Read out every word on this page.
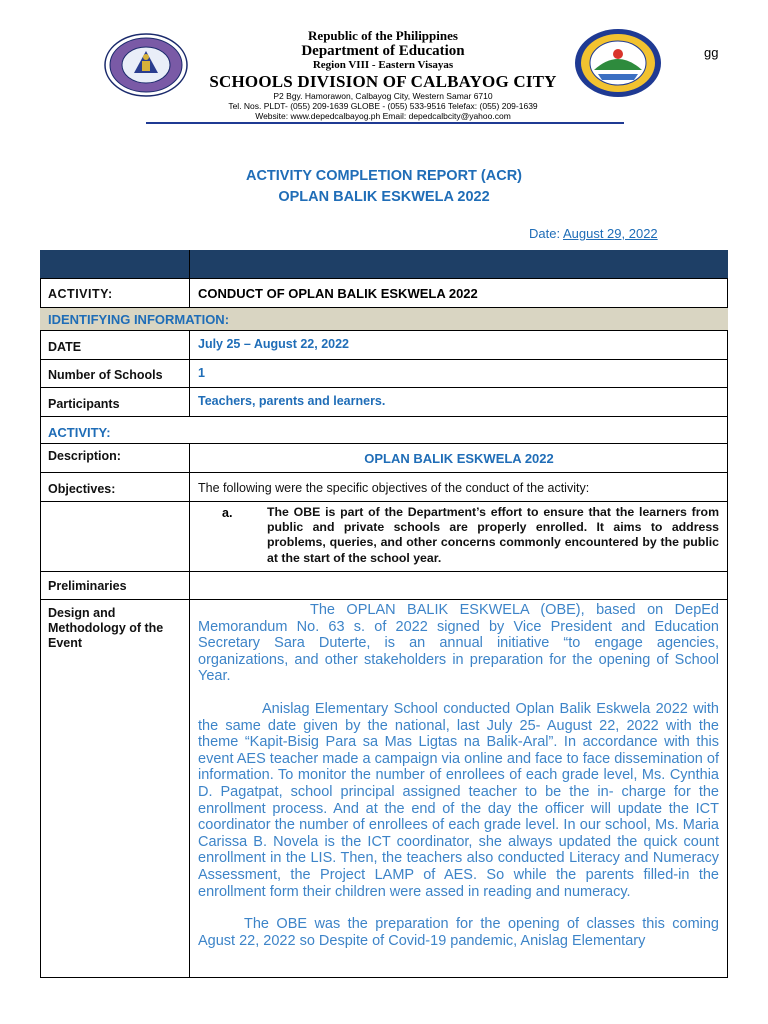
Republic of the Philippines
Department of Education
Region VIII - Eastern Visayas
SCHOOLS DIVISION OF CALBAYOG CITY
P2 Bgy. Hamorawon, Calbayog City, Western Samar 6710
Tel. Nos. PLDT- (055) 209-1639 GLOBE - (055) 533-9516 Telefax: (055) 209-1639
Website: www.depedcalbayog.ph Email: depedcalbcity@yahoo.com
gg
ACTIVITY COMPLETION REPORT (ACR)
OPLAN BALIK ESKWELA 2022
Date: August 29, 2022
ACTIVITY:	CONDUCT OF OPLAN BALIK ESKWELA 2022
IDENTIFYING INFORMATION:
DATE	July 25 – August 22, 2022
Number of Schools	1
Participants	Teachers, parents and learners.
ACTIVITY:
Description:	OPLAN BALIK ESKWELA 2022
Objectives:	The following were the specific objectives of the conduct of the activity:
a.	The OBE is part of the Department’s effort to ensure that the learners from public and private schools are properly enrolled. It aims to address problems, queries, and other concerns commonly encountered by the public at the start of the school year.
Preliminaries
Design and Methodology of the Event

The OPLAN BALIK ESKWELA (OBE), based on DepEd Memorandum No. 63 s. of 2022 signed by Vice President and Education Secretary Sara Duterte, is an annual initiative “to engage agencies, organizations, and other stakeholders in preparation for the opening of School Year.

Anislag Elementary School conducted Oplan Balik Eskwela 2022 with the same date given by the national, last July 25- August 22, 2022 with the theme “Kapit-Bisig Para sa Mas Ligtas na Balik-Aral”. In accordance with this event AES teacher made a campaign via online and face to face dissemination of information. To monitor the number of enrollees of each grade level, Ms. Cynthia D. Pagatpat, school principal assigned teacher to be the in- charge for the enrollment process. And at the end of the day the officer will update the ICT coordinator the number of enrollees of each grade level. In our school, Ms. Maria Carissa B. Novela is the ICT coordinator, she always updated the quick count enrollment in the LIS. Then, the teachers also conducted Literacy and Numeracy Assessment, the Project LAMP of AES. So while the parents filled-in the enrollment form their children were assed in reading and numeracy.

The OBE was the preparation for the opening of classes this coming Agust 22, 2022 so Despite of Covid-19 pandemic, Anislag Elementary
